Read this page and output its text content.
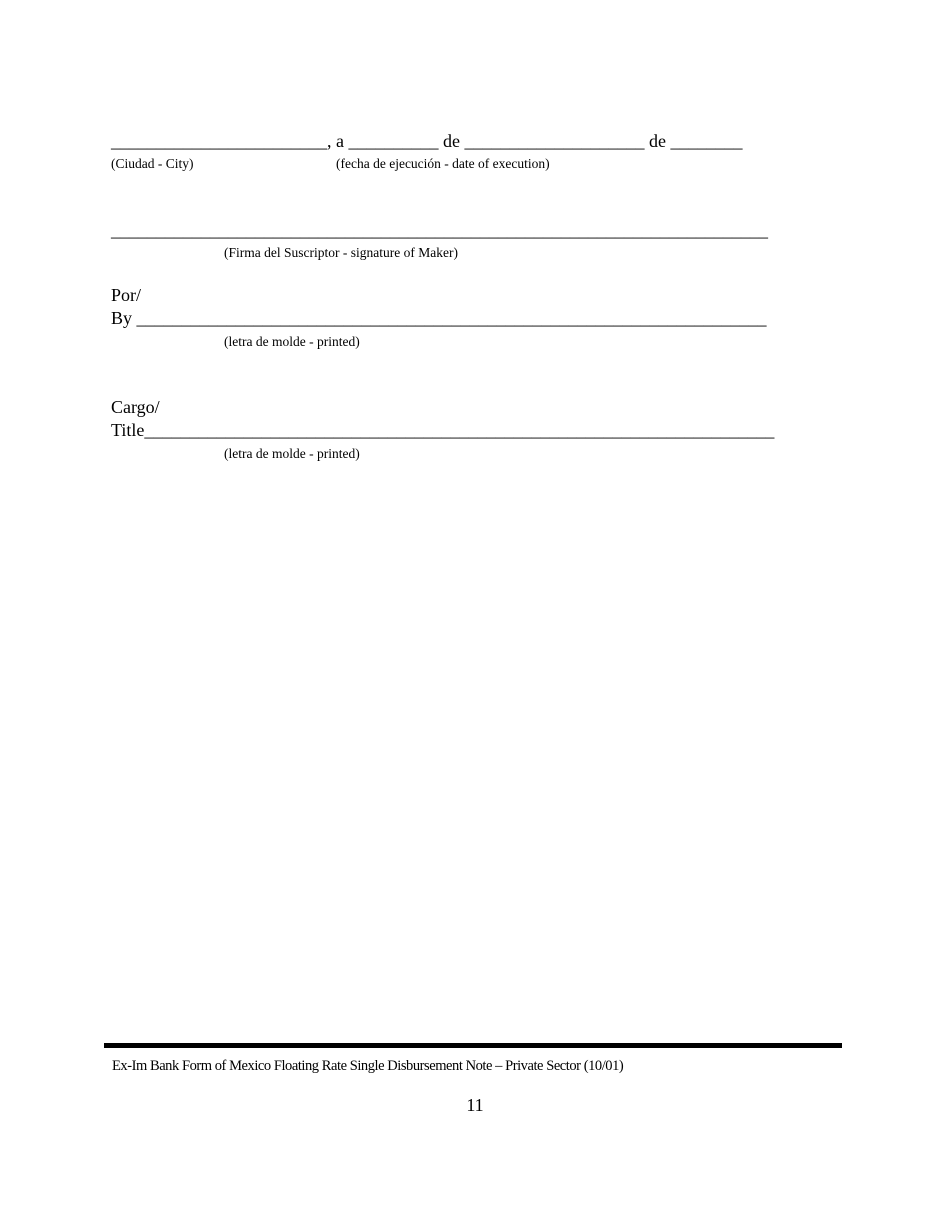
________________________, a __________ de ____________________ de ________
(Ciudad - City)	(fecha de ejecución - date of execution)
_________________________________________________________________________
(Firma del Suscriptor - signature of Maker)
Por/
By ______________________________________________________________________
(letra de molde - printed)
Cargo/
Title______________________________________________________________________
(letra de molde - printed)
Ex-Im Bank Form of Mexico Floating Rate Single Disbursement Note – Private Sector (10/01)
11
